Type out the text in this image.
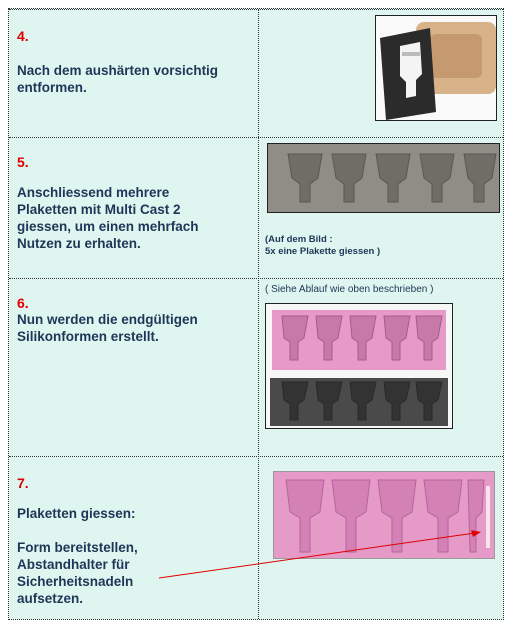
4.
Nach dem aushärten vorsichtig
entformen.
5.
Anschliessend mehrere
Plaketten mit Multi Cast 2
giessen, um einen mehrfach
Nutzen zu erhalten.	(Auf dem Bild :
5x eine Plakette giessen )
6.
Nun werden die endgültigen
Silikonformen erstellt.
( Siehe Ablauf wie oben beschrieben )
7.
Plaketten giessen:
Form bereitstellen,
Abstandhalter für
Sicherheitsnadeln
aufsetzen.
